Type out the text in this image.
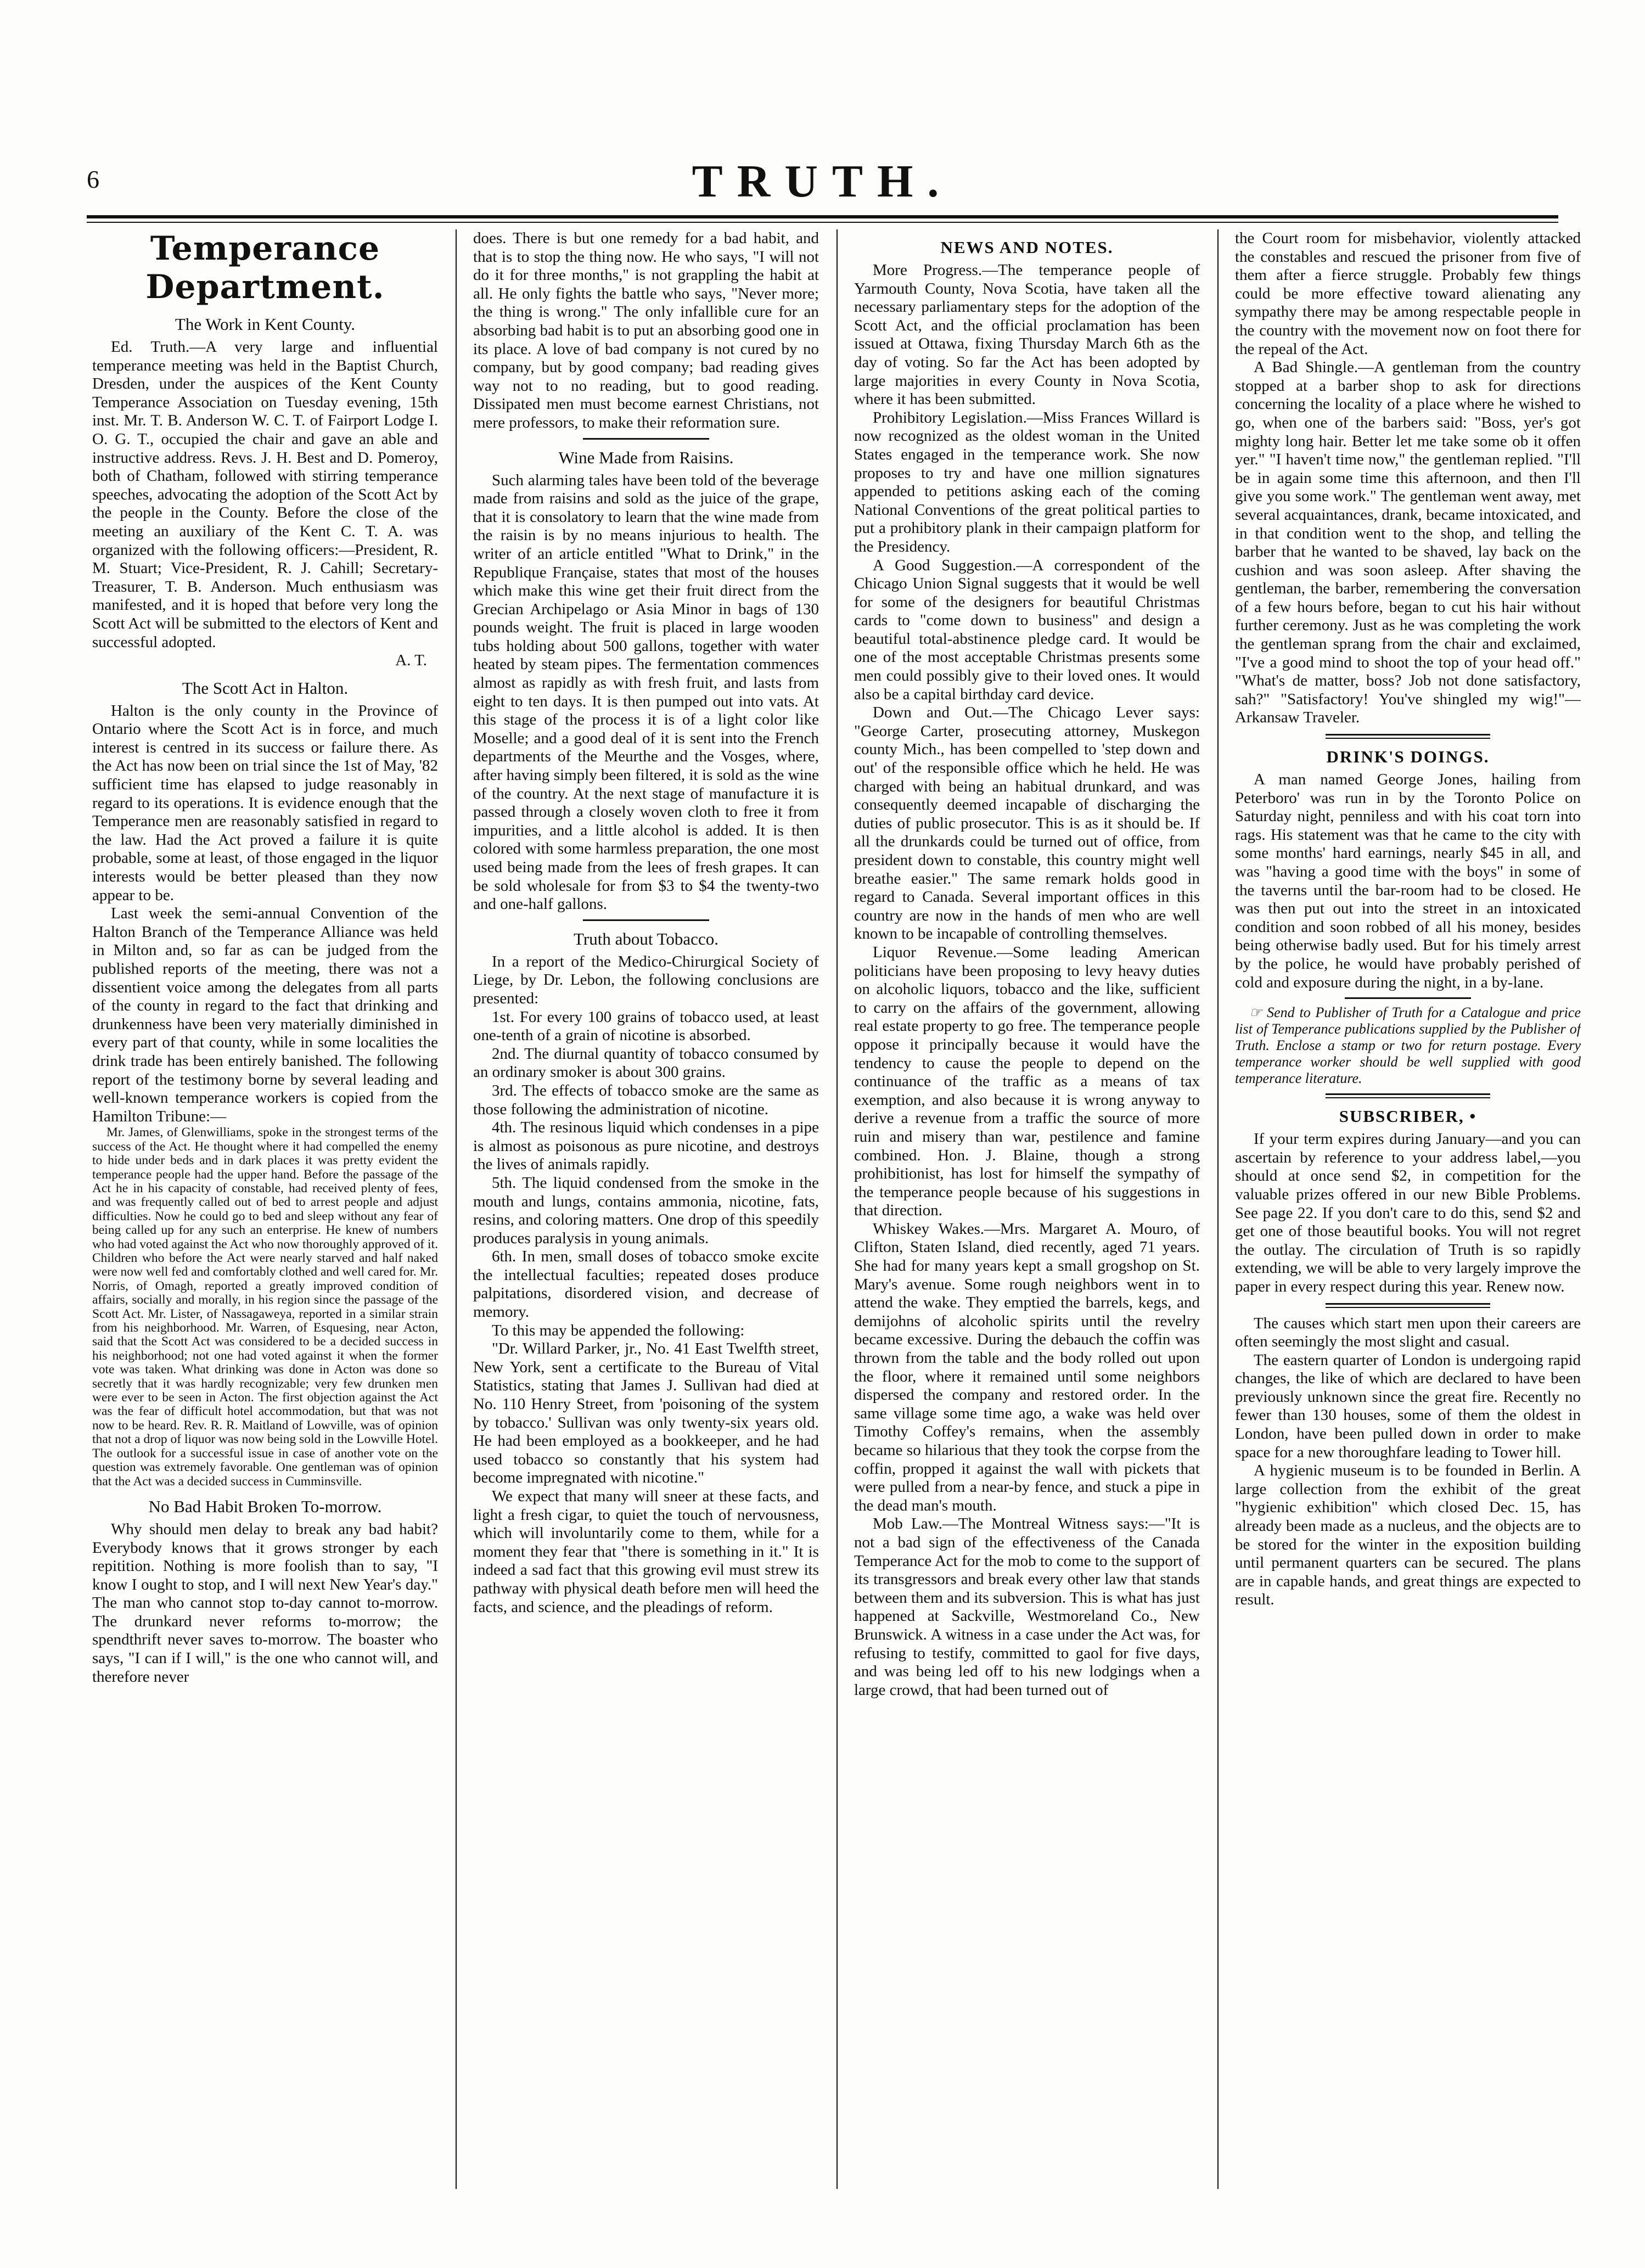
6	TRUTH.
Temperance Department.
The Work in Kent County.

Ed. Truth.—A very large and influential temperance meeting was held in the Baptist Church, Dresden, under the auspices of the Kent County Temperance Association on Tuesday evening, 15th inst. Mr. T. B. Anderson W. C. T. of Fairport Lodge I. O. G. T., occupied the chair and gave an able and instructive address. Revs. J. H. Best and D. Pomeroy, both of Chatham, followed with stirring temperance speeches, advocating the adoption of the Scott Act by the people in the County. Before the close of the meeting an auxiliary of the Kent C. T. A. was organized with the following officers:—President, R. M. Stuart; Vice-President, R. J. Cahill; Secretary-Treasurer, T. B. Anderson. Much enthusiasm was manifested, and it is hoped that before very long the Scott Act will be submitted to the electors of Kent and successful adopted.

A. T.

The Scott Act in Halton.

Halton is the only county in the Province of Ontario where the Scott Act is in force, and much interest is centred in its success or failure there. As the Act has now been on trial since the 1st of May, '82 sufficient time has elapsed to judge reasonably in regard to its operations. It is evidence enough that the Temperance men are reasonably satisfied in regard to the law. Had the Act proved a failure it is quite probable, some at least, of those engaged in the liquor interests would be better pleased than they now appear to be.

Last week the semi-annual Convention of the Halton Branch of the Temperance Alliance was held in Milton and, so far as can be judged from the published reports of the meeting, there was not a dissentient voice among the delegates from all parts of the county in regard to the fact that drinking and drunkenness have been very materially diminished in every part of that county, while in some localities the drink trade has been entirely banished. The following report of the testimony borne by several leading and well-known temperance workers is copied from the Hamilton Tribune:—

Mr. James, of Glenwilliams, spoke in the strongest terms of the success of the Act. He thought where it had compelled the enemy to hide under beds and in dark places it was pretty evident the temperance people had the upper hand. Before the passage of the Act he in his capacity of constable, had received plenty of fees, and was frequently called out of bed to arrest people and adjust difficulties. Now he could go to bed and sleep without any fear of being called up for any such an enterprise. He knew of numbers who had voted against the Act who now thoroughly approved of it. Children who before the Act were nearly starved and half naked were now well fed and comfortably clothed and well cared for. Mr. Norris, of Omagh, reported a greatly improved condition of affairs, socially and morally, in his region since the passage of the Scott Act. Mr. Lister, of Nassagaweya, reported in a similar strain from his neighborhood. Mr. Warren, of Esquesing, near Acton, said that the Scott Act was considered to be a decided success in his neighborhood; not one had voted against it when the former vote was taken. What drinking was done in Acton was done so secretly that it was hardly recognizable; very few drunken men were ever to be seen in Acton. The first objection against the Act was the fear of difficult hotel accommodation, but that was not now to be heard. Rev. R. R. Maitland of Lowville, was of opinion that not a drop of liquor was now being sold in the Lowville Hotel. The outlook for a successful issue in case of another vote on the question was extremely favorable. One gentleman was of opinion that the Act was a decided success in Cumminsville.

No Bad Habit Broken To-morrow.

Why should men delay to break any bad habit? Everybody knows that it grows stronger by each repitition. Nothing is more foolish than to say, "I know I ought to stop, and I will next New Year's day." The man who cannot stop to-day cannot to-morrow. The drunkard never reforms to-morrow; the spendthrift never saves to-morrow. The boaster who says, "I can if I will," is the one who cannot will, and therefore never

does. There is but one remedy for a bad habit, and that is to stop the thing now. He who says, "I will not do it for three months," is not grappling the habit at all. He only fights the battle who says, "Never more; the thing is wrong." The only infallible cure for an absorbing bad habit is to put an absorbing good one in its place. A love of bad company is not cured by no company, but by good company; bad reading gives way not to no reading, but to good reading. Dissipated men must become earnest Christians, not mere professors, to make their reformation sure.

Wine Made from Raisins.

Such alarming tales have been told of the beverage made from raisins and sold as the juice of the grape, that it is consolatory to learn that the wine made from the raisin is by no means injurious to health. The writer of an article entitled "What to Drink," in the Republique Française, states that most of the houses which make this wine get their fruit direct from the Grecian Archipelago or Asia Minor in bags of 130 pounds weight. The fruit is placed in large wooden tubs holding about 500 gallons, together with water heated by steam pipes. The fermentation commences almost as rapidly as with fresh fruit, and lasts from eight to ten days. It is then pumped out into vats. At this stage of the process it is of a light color like Moselle; and a good deal of it is sent into the French departments of the Meurthe and the Vosges, where, after having simply been filtered, it is sold as the wine of the country. At the next stage of manufacture it is passed through a closely woven cloth to free it from impurities, and a little alcohol is added. It is then colored with some harmless preparation, the one most used being made from the lees of fresh grapes. It can be sold wholesale for from $3 to $4 the twenty-two and one-half gallons.

Truth about Tobacco.

In a report of the Medico-Chirurgical Society of Liege, by Dr. Lebon, the following conclusions are presented:

1st. For every 100 grains of tobacco used, at least one-tenth of a grain of nicotine is absorbed.

2nd. The diurnal quantity of tobacco consumed by an ordinary smoker is about 300 grains.

3rd. The effects of tobacco smoke are the same as those following the administration of nicotine.

4th. The resinous liquid which condenses in a pipe is almost as poisonous as pure nicotine, and destroys the lives of animals rapidly.

5th. The liquid condensed from the smoke in the mouth and lungs, contains ammonia, nicotine, fats, resins, and coloring matters. One drop of this speedily produces paralysis in young animals.

6th. In men, small doses of tobacco smoke excite the intellectual faculties; repeated doses produce palpitations, disordered vision, and decrease of memory.

To this may be appended the following:

"Dr. Willard Parker, jr., No. 41 East Twelfth street, New York, sent a certificate to the Bureau of Vital Statistics, stating that James J. Sullivan had died at No. 110 Henry Street, from 'poisoning of the system by tobacco.' Sullivan was only twenty-six years old. He had been employed as a bookkeeper, and he had used tobacco so constantly that his system had become impregnated with nicotine."

We expect that many will sneer at these facts, and light a fresh cigar, to quiet the touch of nervousness, which will involuntarily come to them, while for a moment they fear that "there is something in it." It is indeed a sad fact that this growing evil must strew its pathway with physical death before men will heed the facts, and science, and the pleadings of reform.

NEWS AND NOTES.

More Progress.—The temperance people of Yarmouth County, Nova Scotia, have taken all the necessary parliamentary steps for the adoption of the Scott Act, and the official proclamation has been issued at Ottawa, fixing Thursday March 6th as the day of voting. So far the Act has been adopted by large majorities in every County in Nova Scotia, where it has been submitted.

Prohibitory Legislation.—Miss Frances Willard is now recognized as the oldest woman in the United States engaged in the temperance work. She now proposes to try and have one million signatures appended to petitions asking each of the coming National Conventions of the great political parties to put a prohibitory plank in their campaign platform for the Presidency.

A Good Suggestion.—A correspondent of the Chicago Union Signal suggests that it would be well for some of the designers for beautiful Christmas cards to "come down to business" and design a beautiful total-abstinence pledge card. It would be one of the most acceptable Christmas presents some men could possibly give to their loved ones. It would also be a capital birthday card device.

Down and Out.—The Chicago Lever says: "George Carter, prosecuting attorney, Muskegon county Mich., has been compelled to 'step down and out' of the responsible office which he held. He was charged with being an habitual drunkard, and was consequently deemed incapable of discharging the duties of public prosecutor. This is as it should be. If all the drunkards could be turned out of office, from president down to constable, this country might well breathe easier." The same remark holds good in regard to Canada. Several important offices in this country are now in the hands of men who are well known to be incapable of controlling themselves.

Liquor Revenue.—Some leading American politicians have been proposing to levy heavy duties on alcoholic liquors, tobacco and the like, sufficient to carry on the affairs of the government, allowing real estate property to go free. The temperance people oppose it principally because it would have the tendency to cause the people to depend on the continuance of the traffic as a means of tax exemption, and also because it is wrong anyway to derive a revenue from a traffic the source of more ruin and misery than war, pestilence and famine combined. Hon. J. Blaine, though a strong prohibitionist, has lost for himself the sympathy of the temperance people because of his suggestions in that direction.

Whiskey Wakes.—Mrs. Margaret A. Mouro, of Clifton, Staten Island, died recently, aged 71 years. She had for many years kept a small grogshop on St. Mary's avenue. Some rough neighbors went in to attend the wake. They emptied the barrels, kegs, and demijohns of alcoholic spirits until the revelry became excessive. During the debauch the coffin was thrown from the table and the body rolled out upon the floor, where it remained until some neighbors dispersed the company and restored order. In the same village some time ago, a wake was held over Timothy Coffey's remains, when the assembly became so hilarious that they took the corpse from the coffin, propped it against the wall with pickets that were pulled from a near-by fence, and stuck a pipe in the dead man's mouth.

Mob Law.—The Montreal Witness says:—"It is not a bad sign of the effectiveness of the Canada Temperance Act for the mob to come to the support of its transgressors and break every other law that stands between them and its subversion. This is what has just happened at Sackville, Westmoreland Co., New Brunswick. A witness in a case under the Act was, for refusing to testify, committed to gaol for five days, and was being led off to his new lodgings when a large crowd, that had been turned out of

the Court room for misbehavior, violently attacked the constables and rescued the prisoner from five of them after a fierce struggle. Probably few things could be more effective toward alienating any sympathy there may be among respectable people in the country with the movement now on foot there for the repeal of the Act.

A Bad Shingle.—A gentleman from the country stopped at a barber shop to ask for directions concerning the locality of a place where he wished to go, when one of the barbers said: "Boss, yer's got mighty long hair. Better let me take some ob it offen yer." "I haven't time now," the gentleman replied. "I'll be in again some time this afternoon, and then I'll give you some work." The gentleman went away, met several acquaintances, drank, became intoxicated, and in that condition went to the shop, and telling the barber that he wanted to be shaved, lay back on the cushion and was soon asleep. After shaving the gentleman, the barber, remembering the conversation of a few hours before, began to cut his hair without further ceremony. Just as he was completing the work the gentleman sprang from the chair and exclaimed, "I've a good mind to shoot the top of your head off." "What's de matter, boss? Job not done satisfactory, sah?" "Satisfactory! You've shingled my wig!"—Arkansaw Traveler.

DRINK'S DOINGS.

A man named George Jones, hailing from Peterboro' was run in by the Toronto Police on Saturday night, penniless and with his coat torn into rags. His statement was that he came to the city with some months' hard earnings, nearly $45 in all, and was "having a good time with the boys" in some of the taverns until the bar-room had to be closed. He was then put out into the street in an intoxicated condition and soon robbed of all his money, besides being otherwise badly used. But for his timely arrest by the police, he would have probably perished of cold and exposure during the night, in a by-lane.

☞ Send to Publisher of Truth for a Catalogue and price list of Temperance publications supplied by the Publisher of Truth. Enclose a stamp or two for return postage. Every temperance worker should be well supplied with good temperance literature.

SUBSCRIBER, •

If your term expires during January—and you can ascertain by reference to your address label,—you should at once send $2, in competition for the valuable prizes offered in our new Bible Problems. See page 22. If you don't care to do this, send $2 and get one of those beautiful books. You will not regret the outlay. The circulation of Truth is so rapidly extending, we will be able to very largely improve the paper in every respect during this year. Renew now.

The causes which start men upon their careers are often seemingly the most slight and casual.

The eastern quarter of London is undergoing rapid changes, the like of which are declared to have been previously unknown since the great fire. Recently no fewer than 130 houses, some of them the oldest in London, have been pulled down in order to make space for a new thoroughfare leading to Tower hill.

A hygienic museum is to be founded in Berlin. A large collection from the exhibit of the great "hygienic exhibition" which closed Dec. 15, has already been made as a nucleus, and the objects are to be stored for the winter in the exposition building until permanent quarters can be secured. The plans are in capable hands, and great things are expected to result.
